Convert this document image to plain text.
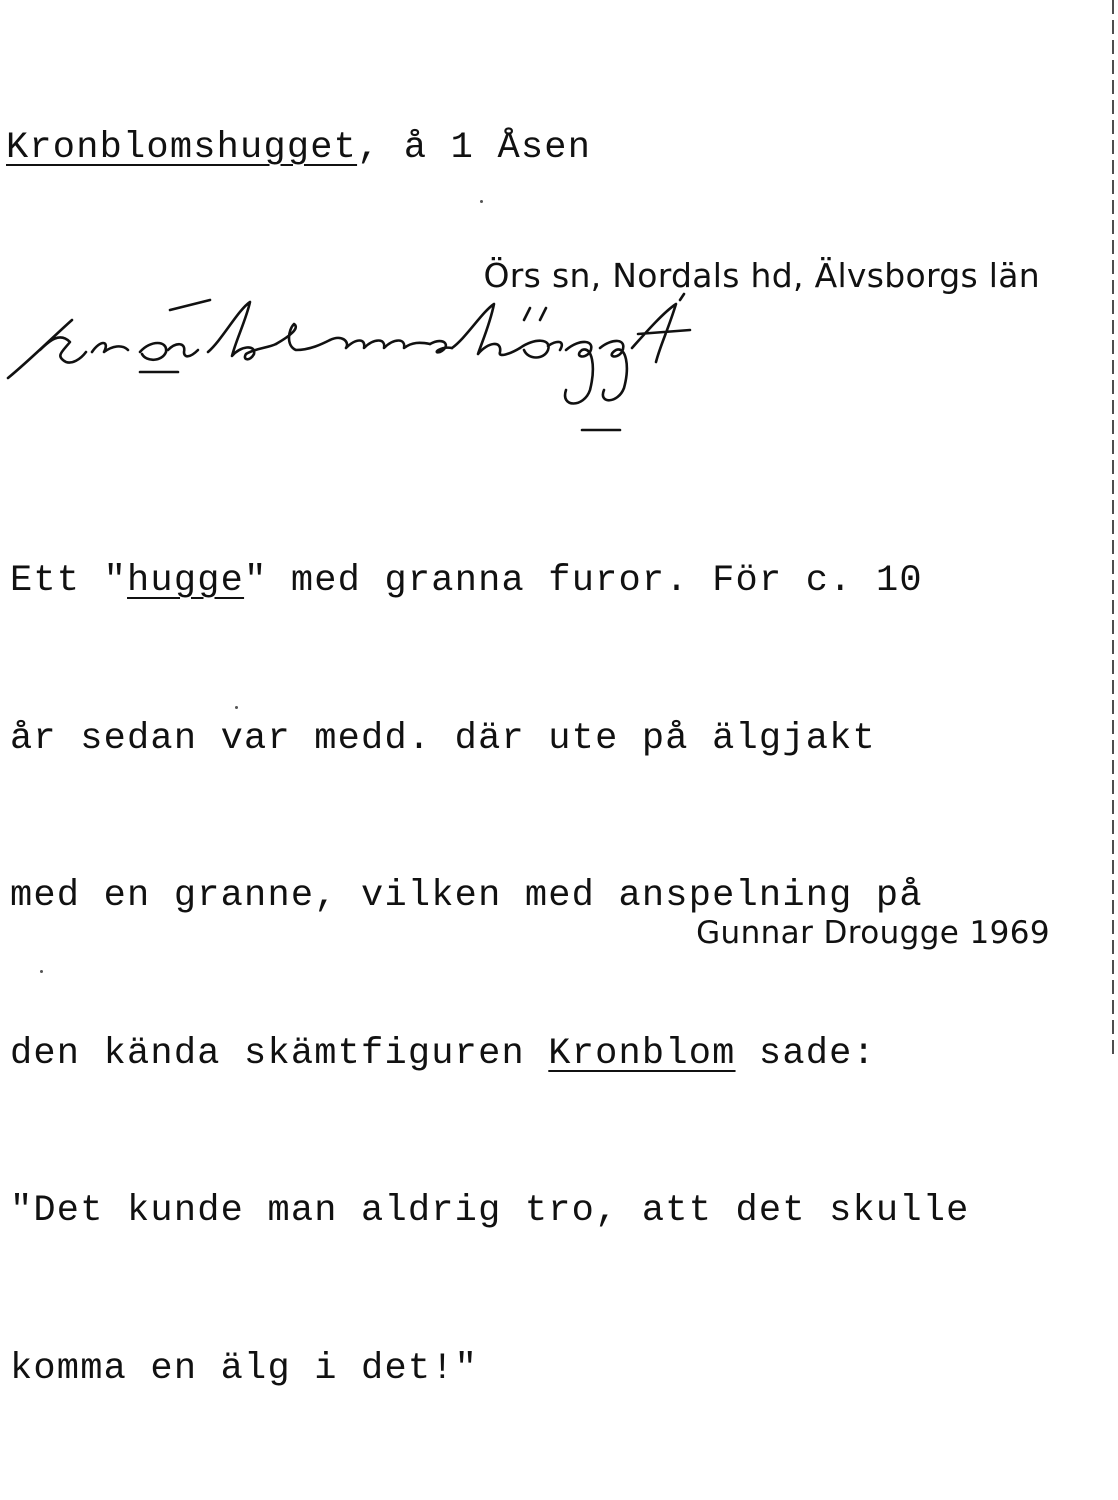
Kronblomshugget, å 1 Åsen
Örs sn, Nordals hd, Älvsborgs län

Ett "hugge" med granna furor. För c. 10

år sedan var medd. där ute på älgjakt

med en granne, vilken med anspelning på

den kända skämtfiguren Kronblom sade:

"Det kunde man aldrig tro, att det skulle

komma en älg i det!"

Gunnar Drougge 1969
